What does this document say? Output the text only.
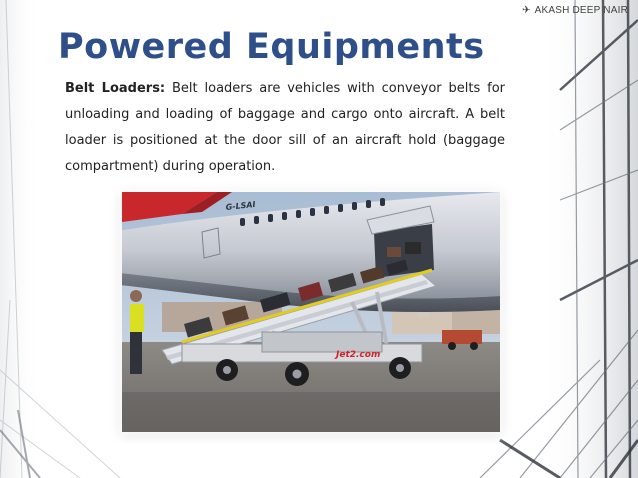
✈ AKASH DEEP NAIR
Powered Equipments
Belt Loaders: Belt loaders are vehicles with conveyor belts for unloading and loading of baggage and cargo onto aircraft. A belt loader is positioned at the door sill of an aircraft hold (baggage compartment) during operation.
G-LSAI
Jet2.com
